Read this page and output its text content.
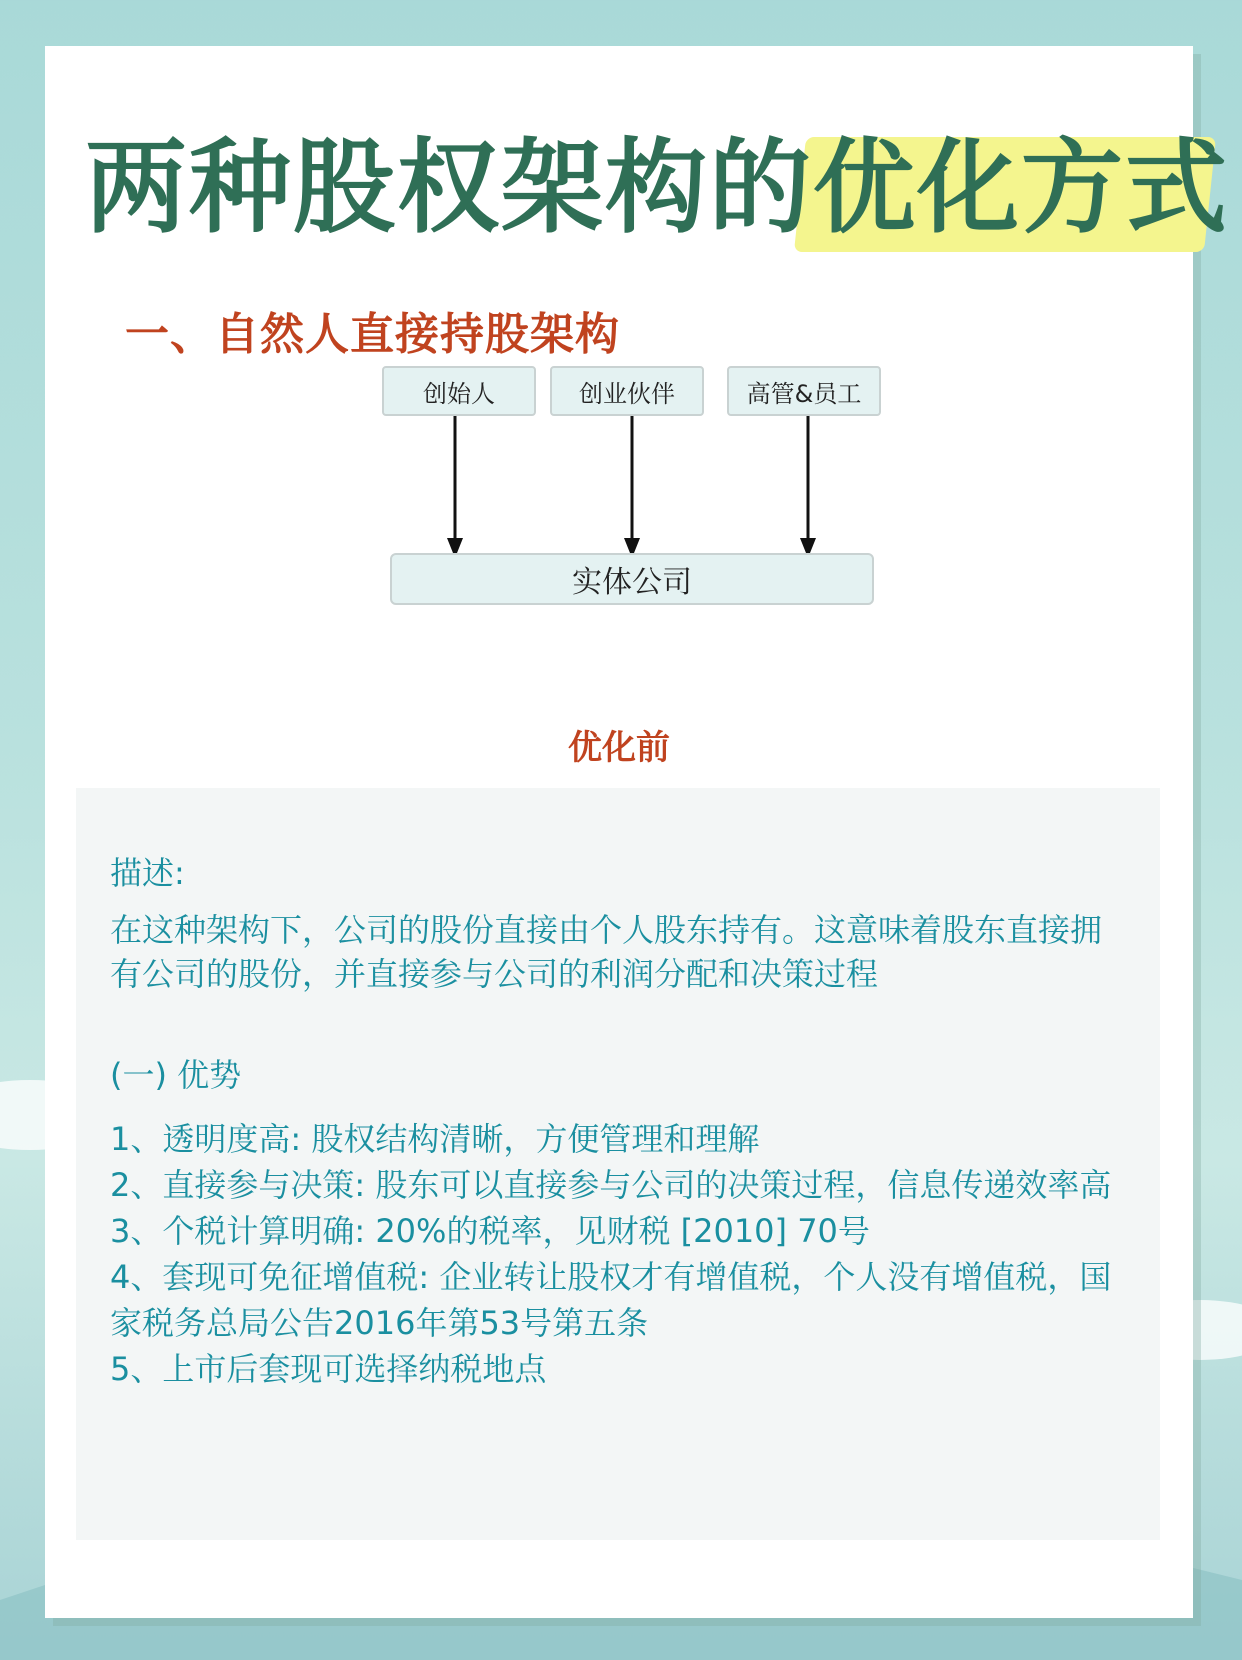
两种股权架构的优化方式
一、自然人直接持股架构
创始人	创业伙伴	高管&员工
实体公司
优化前
描述:
在这种架构下，公司的股份直接由个人股东持有。这意味着股东直接拥有公司的股份，并直接参与公司的利润分配和决策过程
(一) 优势
1、透明度高: 股权结构清晰，方便管理和理解
2、直接参与决策: 股东可以直接参与公司的决策过程，信息传递效率高
3、个税计算明确: 20%的税率，见财税 [2010] 70号
4、套现可免征增值税: 企业转让股权才有增值税，个人没有增值税，国家税务总局公告2016年第53号第五条
5、上市后套现可选择纳税地点
